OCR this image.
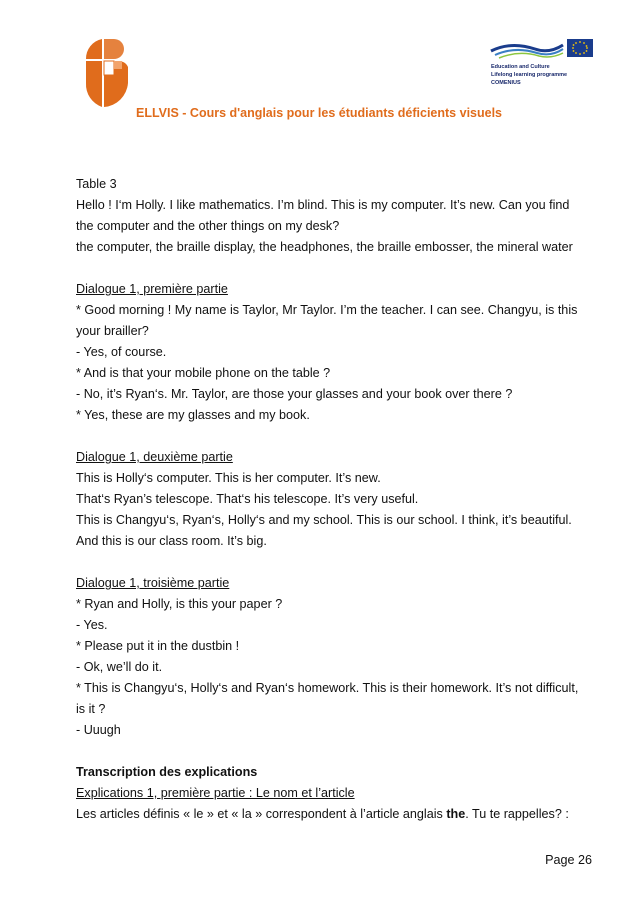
Education and Culture
Lifelong learning programme
COMENIUS
ELLVIS - Cours d'anglais pour les étudiants déficients visuels
Table 3
Hello ! I‘m Holly. I like mathematics. I’m blind. This is my computer. It’s new. Can you find
the computer and the other things on my desk?
the computer, the braille display, the headphones, the braille embosser, the mineral water
Dialogue 1, première partie
* Good morning ! My name is Taylor, Mr Taylor. I’m the teacher. I can see. Changyu, is this
your brailler?
- Yes, of course.
* And is that your mobile phone on the table ?
- No, it’s Ryan‘s. Mr. Taylor, are those your glasses and your book over there ?
* Yes, these are my glasses and my book.
Dialogue 1, deuxième partie
This is Holly‘s computer. This is her computer. It’s new.
That‘s Ryan’s telescope. That‘s his telescope. It’s very useful.
This is Changyu‘s, Ryan‘s, Holly‘s and my school. This is our school. I think, it’s beautiful.
And this is our class room. It’s big.
Dialogue 1, troisième partie
* Ryan and Holly, is this your paper ?
- Yes.
* Please put it in the dustbin !
- Ok, we’ll do it.
* This is Changyu‘s, Holly‘s and Ryan‘s homework. This is their homework. It’s not difficult,
is it ?
- Uuugh
Transcription des explications
Explications 1, première partie : Le nom et l’article
Les articles définis « le » et « la » correspondent à l’article anglais the. Tu te rappelles? :
Page 26
